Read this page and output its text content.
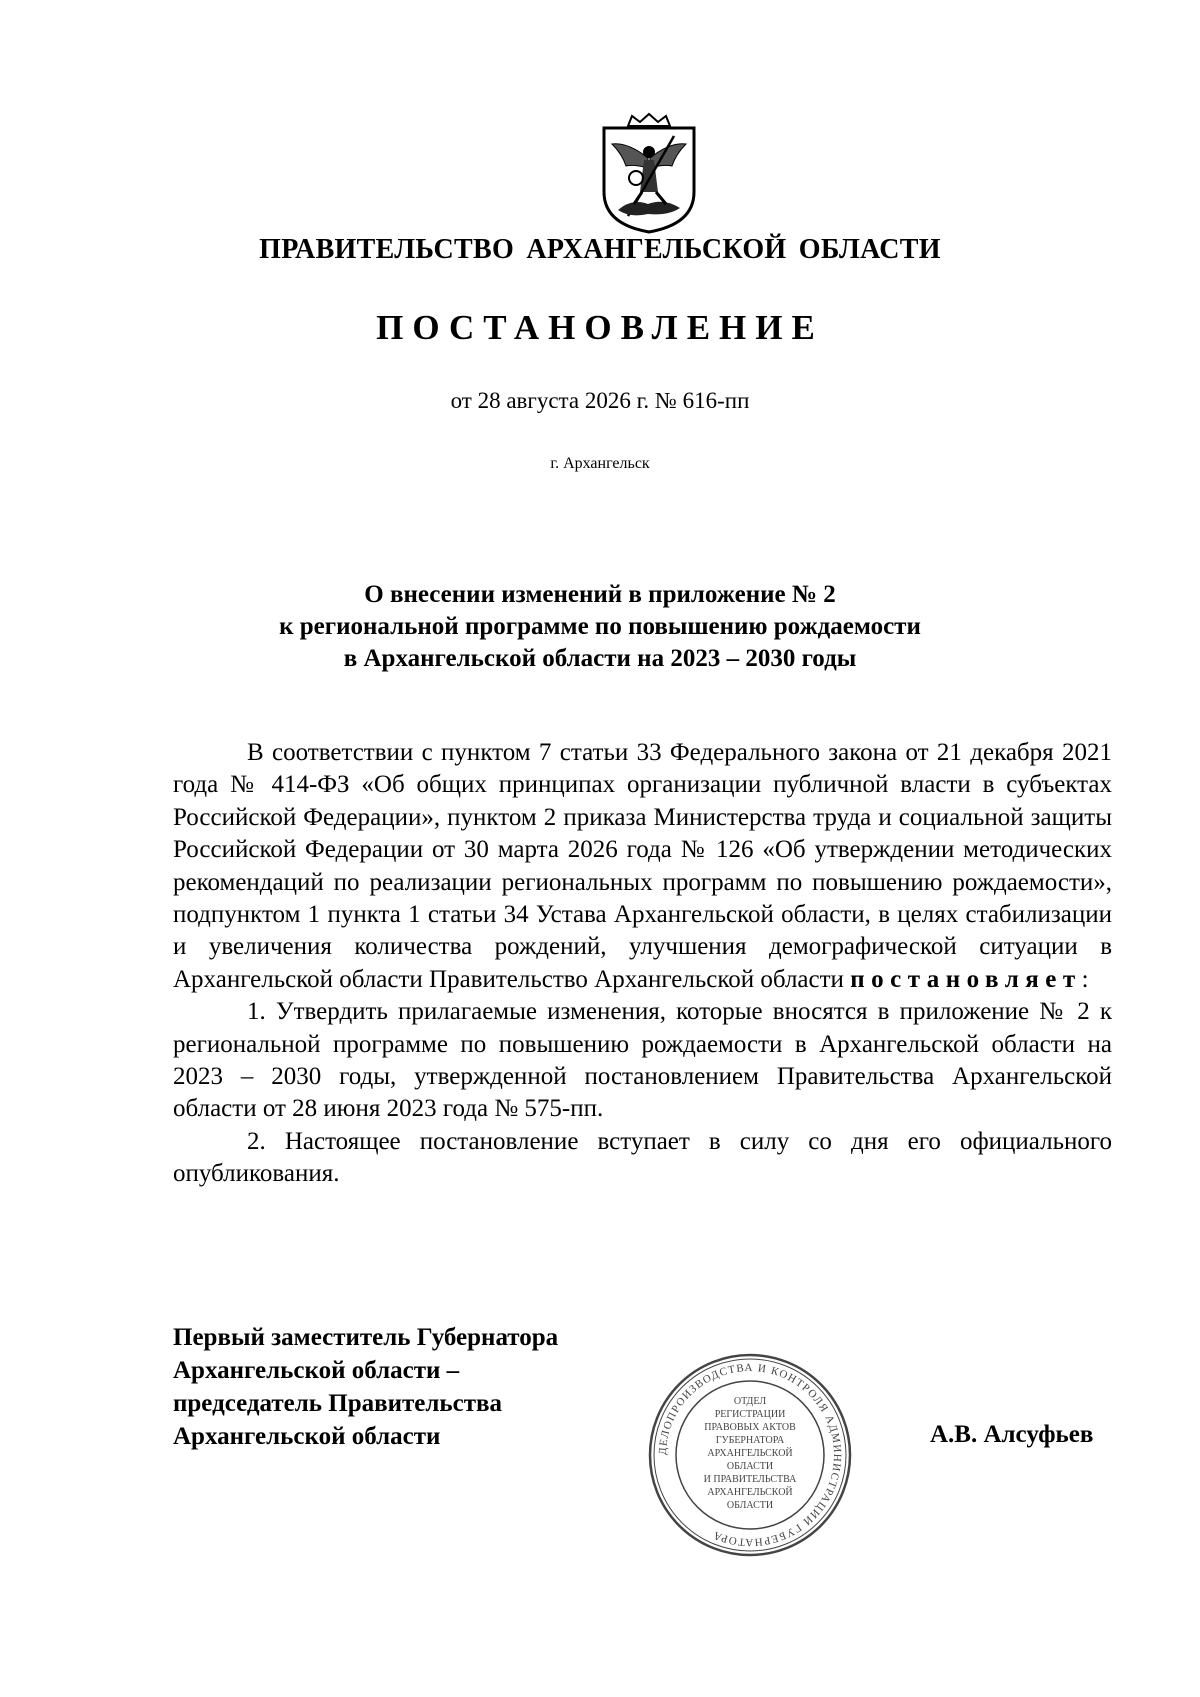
ПРАВИТЕЛЬСТВО АРХАНГЕЛЬСКОЙ ОБЛАСТИ
ПОСТАНОВЛЕНИЕ
от 28 августа 2026 г. № 616-пп
г. Архангельск
О внесении изменений в приложение № 2
к региональной программе по повышению рождаемости
в Архангельской области на 2023 – 2030 годы

В соответствии с пунктом 7 статьи 33 Федерального закона от 21 декабря 2021 года № 414-ФЗ «Об общих принципах организации публичной власти в субъектах Российской Федерации», пунктом 2 приказа Министерства труда и социальной защиты Российской Федерации от 30 марта 2026 года № 126 «Об утверждении методических рекомендаций по реализации региональных программ по повышению рождаемости», подпунктом 1 пункта 1 статьи 34 Устава Архангельской области, в целях стабилизации и увеличения количества рождений, улучшения демографической ситуации в Архангельской области Правительство Архангельской области постановляет:

1. Утвердить прилагаемые изменения, которые вносятся в приложение № 2 к региональной программе по повышению рождаемости в Архангельской области на 2023 – 2030 годы, утвержденной постановлением Правительства Архангельской области от 28 июня 2023 года № 575-пп.

2. Настоящее постановление вступает в силу со дня его официального опубликования.

Первый заместитель Губернатора
Архангельской области –
председатель Правительства
Архангельской области
ДЕЛОПРОИЗВОДСТВА И КОНТРОЛЯ АДМИНИСТРАЦИИ ГУБЕРНАТОРА
ОТДЕЛ
РЕГИСТРАЦИИ
ПРАВОВЫХ АКТОВ
ГУБЕРНАТОРА
АРХАНГЕЛЬСКОЙ
ОБЛАСТИ
И ПРАВИТЕЛЬСТВА
АРХАНГЕЛЬСКОЙ
ОБЛАСТИ
А.В. Алсуфьев
